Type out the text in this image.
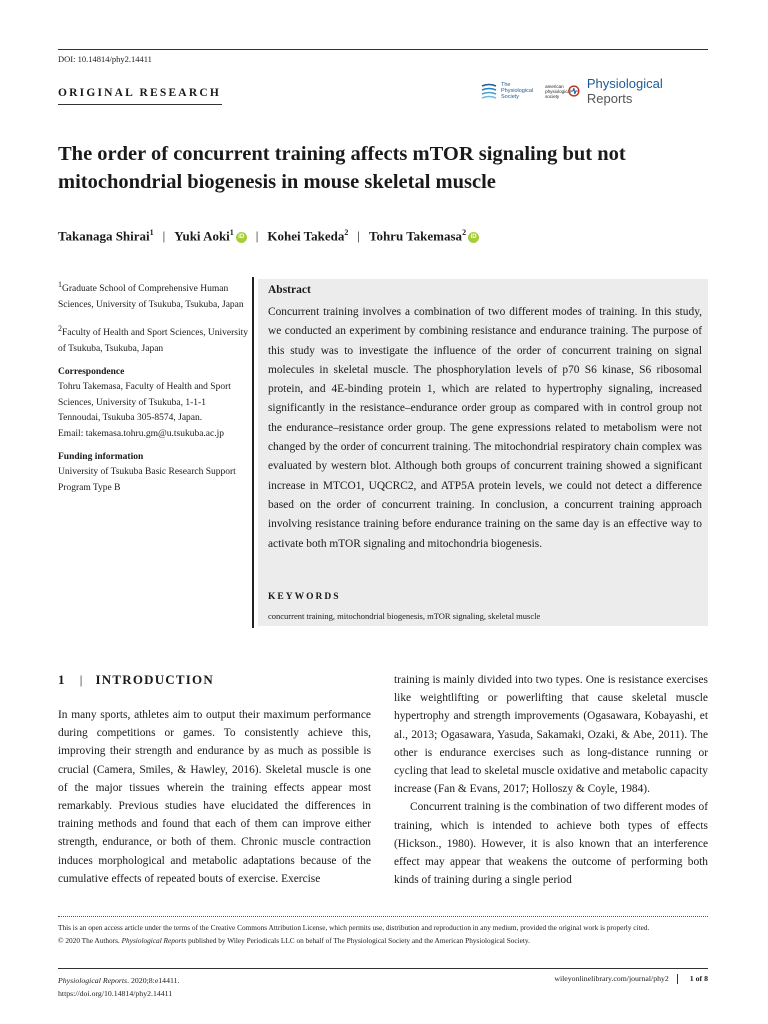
DOI: 10.14814/phy2.14411
ORIGINAL RESEARCH
The
Physiological
Society
american physiological society
Physiological Reports
The order of concurrent training affects mTOR signaling but not mitochondrial biogenesis in mouse skeletal muscle
Takanaga Shirai$^1$ | Yuki Aoki$^1$ iD | Kohei Takeda$^2$ | Tohru Takemasa$^2$ iD

$^1$Graduate School of Comprehensive Human Sciences, University of Tsukuba, Tsukuba, Japan

$^2$Faculty of Health and Sport Sciences, University of Tsukuba, Tsukuba, Japan

Correspondence
Tohru Takemasa, Faculty of Health and Sport Sciences, University of Tsukuba, 1-1-1 Tennoudai, Tsukuba 305-8574, Japan.
Email: takemasa.tohru.gm@u.tsukuba.ac.jp

Funding information
University of Tsukuba Basic Research Support Program Type B

Abstract
Concurrent training involves a combination of two different modes of training. In this study, we conducted an experiment by combining resistance and endurance training. The purpose of this study was to investigate the influence of the order of concurrent training on signal molecules in skeletal muscle. The phosphorylation levels of p70 S6 kinase, S6 ribosomal protein, and 4E-binding protein 1, which are related to hypertrophy signaling, increased significantly in the resistance–endurance order group as compared with in control group not the endurance–resistance order group. The gene expressions related to metabolism were not changed by the order of concurrent training. The mitochondrial respiratory chain complex was evaluated by western blot. Although both groups of concurrent training showed a significant increase in MTCO1, UQCRC2, and ATP5A protein levels, we could not detect a difference based on the order of concurrent training. In conclusion, a concurrent training approach involving resistance training before endurance training on the same day is an effective way to activate both mTOR signaling and mitochondria biogenesis.
KEYWORDS
concurrent training, mitochondrial biogenesis, mTOR signaling, skeletal muscle
1 | INTRODUCTION

In many sports, athletes aim to output their maximum performance during competitions or games. To consistently achieve this, improving their strength and endurance by as much as possible is crucial (Camera, Smiles, & Hawley, 2016). Skeletal muscle is one of the major tissues wherein the training effects appear most remarkably. Previous studies have elucidated the differences in training methods and found that each of them can improve either strength, endurance, or both of them. Chronic muscle contraction induces morphological and metabolic adaptations because of the cumulative effects of repeated bouts of exercise. Exercise

training is mainly divided into two types. One is resistance exercises like weightlifting or powerlifting that cause skeletal muscle hypertrophy and strength improvements (Ogasawara, Kobayashi, et al., 2013; Ogasawara, Yasuda, Sakamaki, Ozaki, & Abe, 2011). The other is endurance exercises such as long-distance running or cycling that lead to skeletal muscle oxidative and metabolic capacity increase (Fan & Evans, 2017; Holloszy & Coyle, 1984).

Concurrent training is the combination of two different modes of training, which is intended to achieve both types of effects (Hickson., 1980). However, it is also known that an interference effect may appear that weakens the outcome of performing both kinds of training during a single period

This is an open access article under the terms of the Creative Commons Attribution License, which permits use, distribution and reproduction in any medium, provided the original work is properly cited.

© 2020 The Authors. Physiological Reports published by Wiley Periodicals LLC on behalf of The Physiological Society and the American Physiological Society.

Physiological Reports. 2020;8:e14411.
https://doi.org/10.14814/phy2.14411
wileyonlinelibrary.com/journal/phy2	1 of 8
